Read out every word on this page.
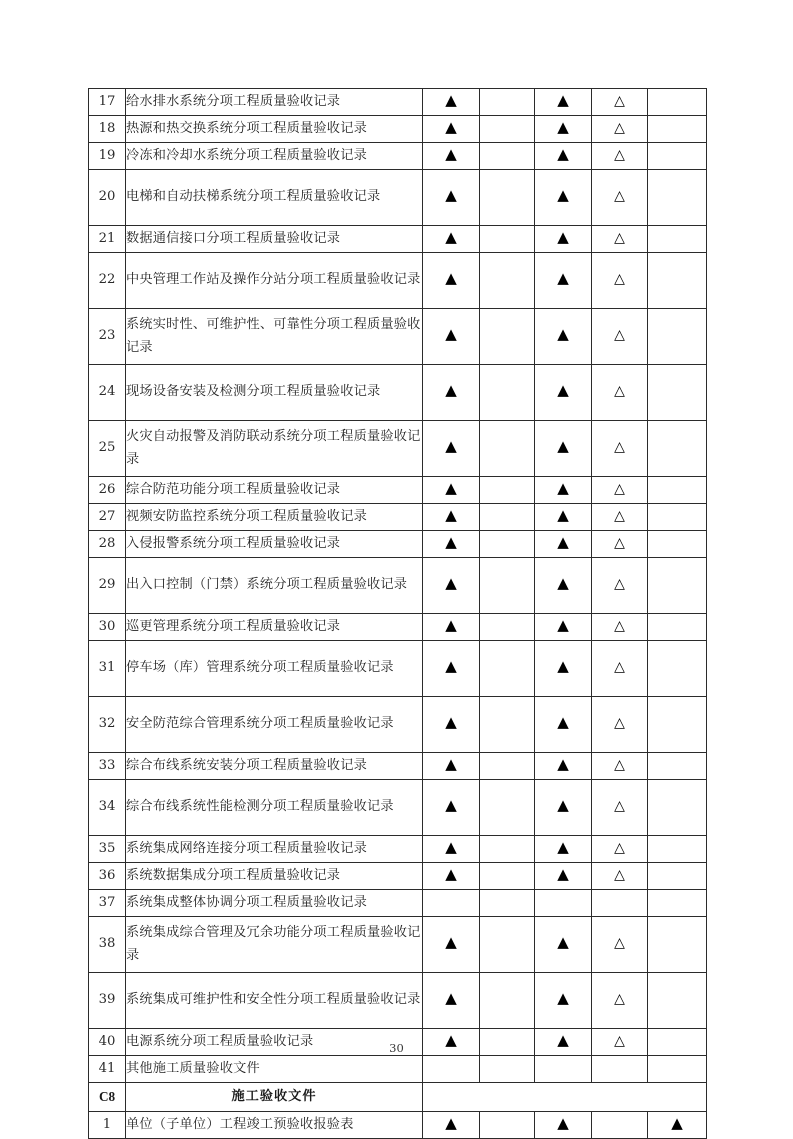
17	给水排水系统分项工程质量验收记录	▲		▲	△	
18	热源和热交换系统分项工程质量验收记录	▲		▲	△	
19	冷冻和冷却水系统分项工程质量验收记录	▲		▲	△	
20	电梯和自动扶梯系统分项工程质量验收记录	▲		▲	△	
21	数据通信接口分项工程质量验收记录	▲		▲	△	
22	中央管理工作站及操作分站分项工程质量验收记录	▲		▲	△	
23	系统实时性、可维护性、可靠性分项工程质量验收记录	▲		▲	△	
24	现场设备安装及检测分项工程质量验收记录	▲		▲	△	
25	火灾自动报警及消防联动系统分项工程质量验收记录	▲		▲	△	
26	综合防范功能分项工程质量验收记录	▲		▲	△	
27	视频安防监控系统分项工程质量验收记录	▲		▲	△	
28	入侵报警系统分项工程质量验收记录	▲		▲	△	
29	出入口控制（门禁）系统分项工程质量验收记录	▲		▲	△	
30	巡更管理系统分项工程质量验收记录	▲		▲	△	
31	停车场（库）管理系统分项工程质量验收记录	▲		▲	△	
32	安全防范综合管理系统分项工程质量验收记录	▲		▲	△	
33	综合布线系统安装分项工程质量验收记录	▲		▲	△	
34	综合布线系统性能检测分项工程质量验收记录	▲		▲	△	
35	系统集成网络连接分项工程质量验收记录	▲		▲	△	
36	系统数据集成分项工程质量验收记录	▲		▲	△	
37	系统集成整体协调分项工程质量验收记录					
38	系统集成综合管理及冗余功能分项工程质量验收记录	▲		▲	△	
39	系统集成可维护性和安全性分项工程质量验收记录	▲		▲	△	
40	电源系统分项工程质量验收记录	▲		▲	△	
41	其他施工质量验收文件					
C8	施工验收文件					
1	单位（子单位）工程竣工预验收报验表	▲		▲		▲
30
